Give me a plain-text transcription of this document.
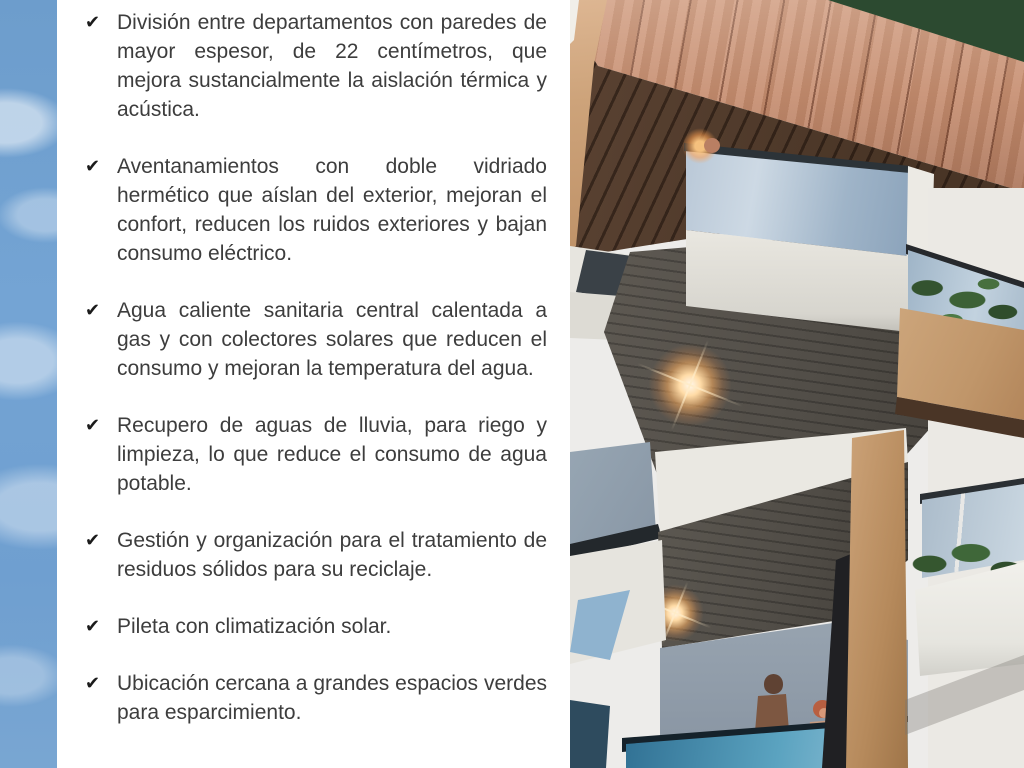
✔ División entre departamentos con paredes de mayor espesor, de 22 centímetros, que mejora sustancialmente la aislación térmica y acústica.
✔ Aventanamientos con doble vidriado hermético que aíslan del exterior, mejoran el confort, reducen los ruidos exteriores y bajan consumo eléctrico.
✔ Agua caliente sanitaria central calentada a gas y con colectores solares que reducen el consumo y mejoran la temperatura del agua.
✔ Recupero de aguas de lluvia, para riego y limpieza, lo que reduce el consumo de agua potable.
✔ Gestión y organización para el tratamiento de residuos sólidos para su reciclaje.
✔ Pileta con climatización solar.
✔ Ubicación cercana a grandes espacios verdes para esparcimiento.
